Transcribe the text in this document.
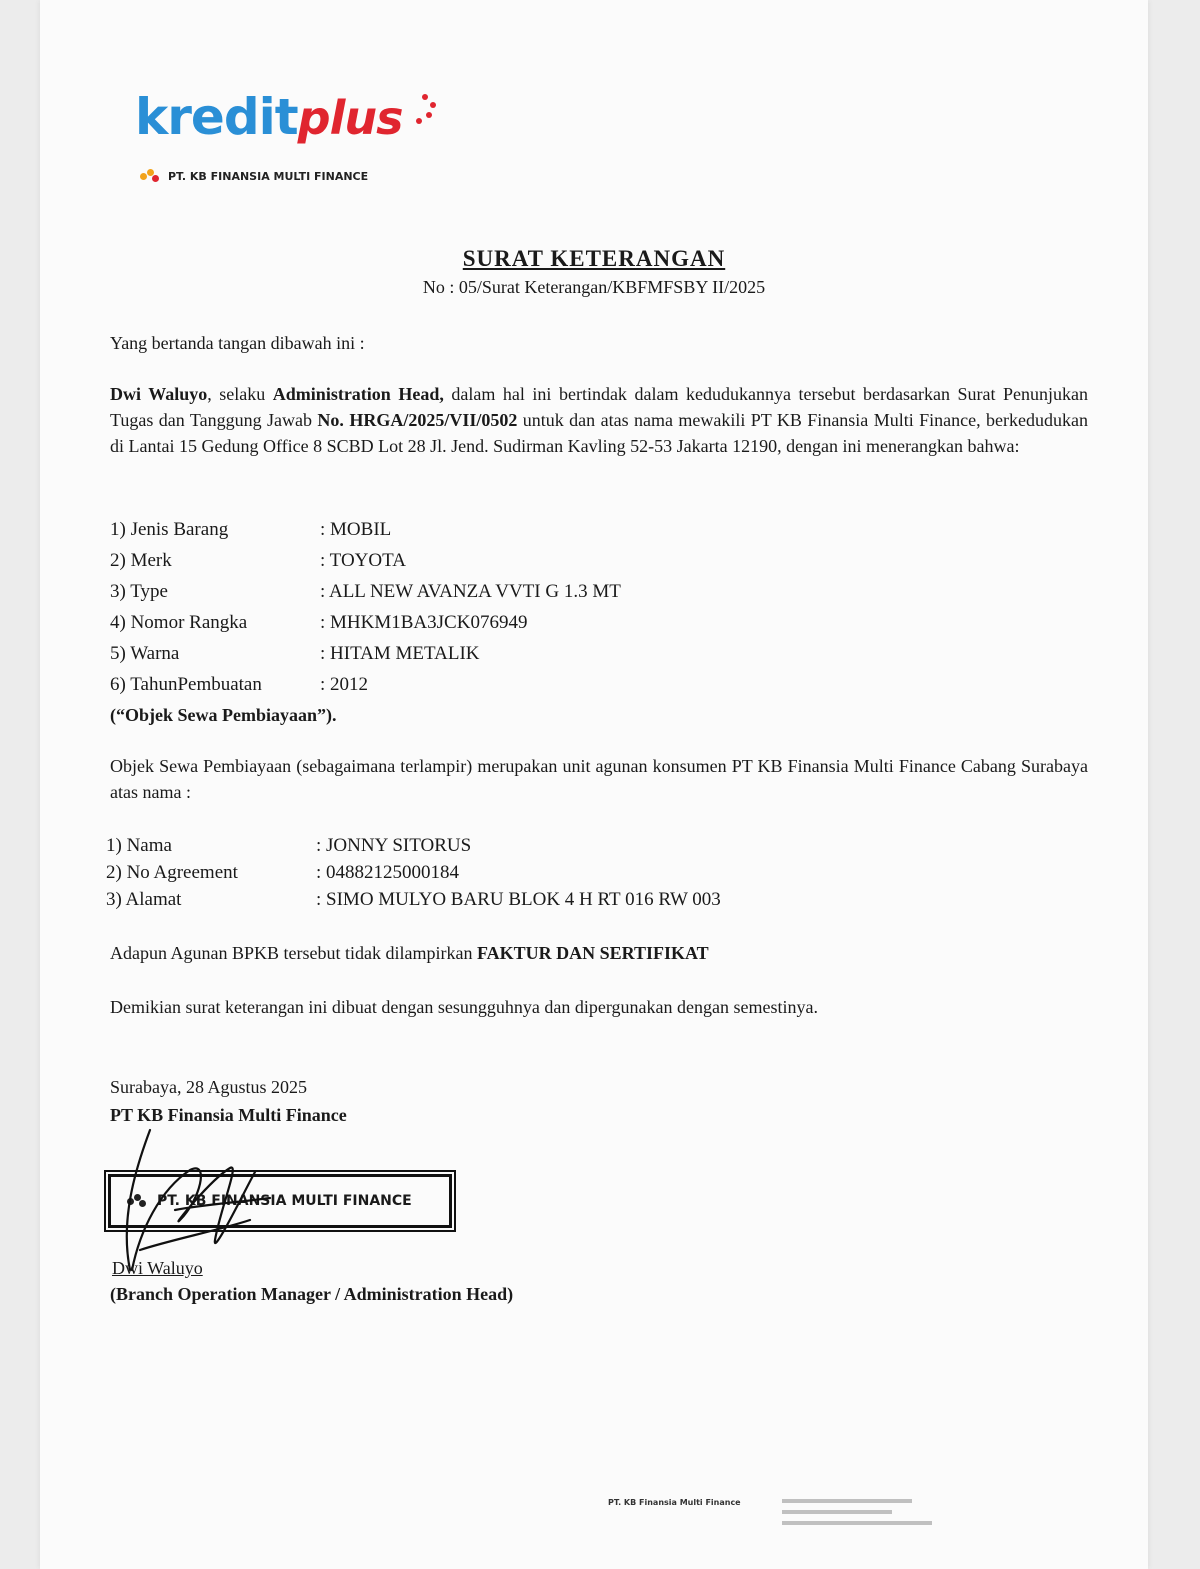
kreditplus
PT. KB FINANSIA MULTI FINANCE
SURAT KETERANGAN
No : 05/Surat Keterangan/KBFMFSBY II/2025
Yang bertanda tangan dibawah ini :
Dwi Waluyo, selaku Administration Head, dalam hal ini bertindak dalam kedudukannya tersebut berdasarkan Surat Penunjukan Tugas dan Tanggung Jawab No. HRGA/2025/VII/0502 untuk dan atas nama mewakili PT KB Finansia Multi Finance, berkedudukan di Lantai 15 Gedung Office 8 SCBD Lot 28 Jl. Jend. Sudirman Kavling 52-53 Jakarta 12190, dengan ini menerangkan bahwa:
1) Jenis Barang	: MOBIL
2) Merk	: TOYOTA
3) Type	: ALL NEW AVANZA VVTI G 1.3 MT
4) Nomor Rangka	: MHKM1BA3JCK076949
5) Warna	: HITAM METALIK
6) TahunPembuatan	: 2012
(“Objek Sewa Pembiayaan”).
Objek Sewa Pembiayaan (sebagaimana terlampir) merupakan unit agunan konsumen PT KB Finansia Multi Finance Cabang Surabaya atas nama :
1) Nama	: JONNY SITORUS
2) No Agreement	: 04882125000184
3) Alamat	: SIMO MULYO BARU BLOK 4 H RT 016 RW 003
Adapun Agunan BPKB tersebut tidak dilampirkan FAKTUR DAN SERTIFIKAT
Demikian surat keterangan ini dibuat dengan sesungguhnya dan dipergunakan dengan semestinya.
Surabaya, 28 Agustus 2025
PT KB Finansia Multi Finance
PT. KB FINANSIA MULTI FINANCE
Dwi Waluyo
(Branch Operation Manager / Administration Head)
PT. KB Finansia Multi Finance
